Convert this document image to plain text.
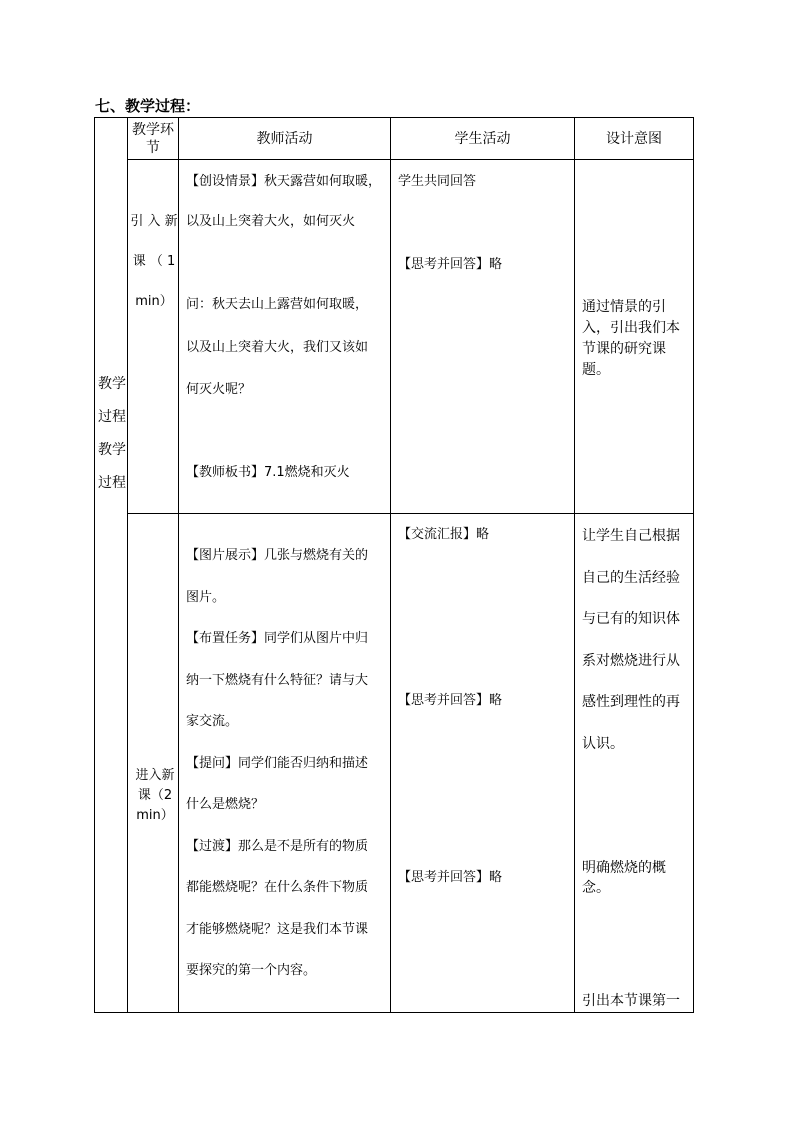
七、教学过程：
教学环节
教师活动	学生活动	设计意图
教学过程教学过程
引 入 新 课 （ 1min）
【创设情景】秋天露营如何取暖，
以及山上突着大火，如何灭火
问：秋天去山上露营如何取暖，
以及山上突着大火，我们又该如
何灭火呢？
【教师板书】7.1燃烧和灭火
学生共同回答
【思考并回答】略
通过情景的引
入，引出我们本
节课的研究课
题。
进入新课（2min）
【图片展示】几张与燃烧有关的
图片。
【布置任务】同学们从图片中归
纳一下燃烧有什么特征？请与大
家交流。
【提问】同学们能否归纳和描述
什么是燃烧？
【过渡】那么是不是所有的物质
都能燃烧呢？在什么条件下物质
才能够燃烧呢？这是我们本节课
要探究的第一个内容。
【交流汇报】略
【思考并回答】略
【思考并回答】略
让学生自己根据
自己的生活经验
与已有的知识体
系对燃烧进行从
感性到理性的再
认识。
明确燃烧的概念。
引出本节课第一
